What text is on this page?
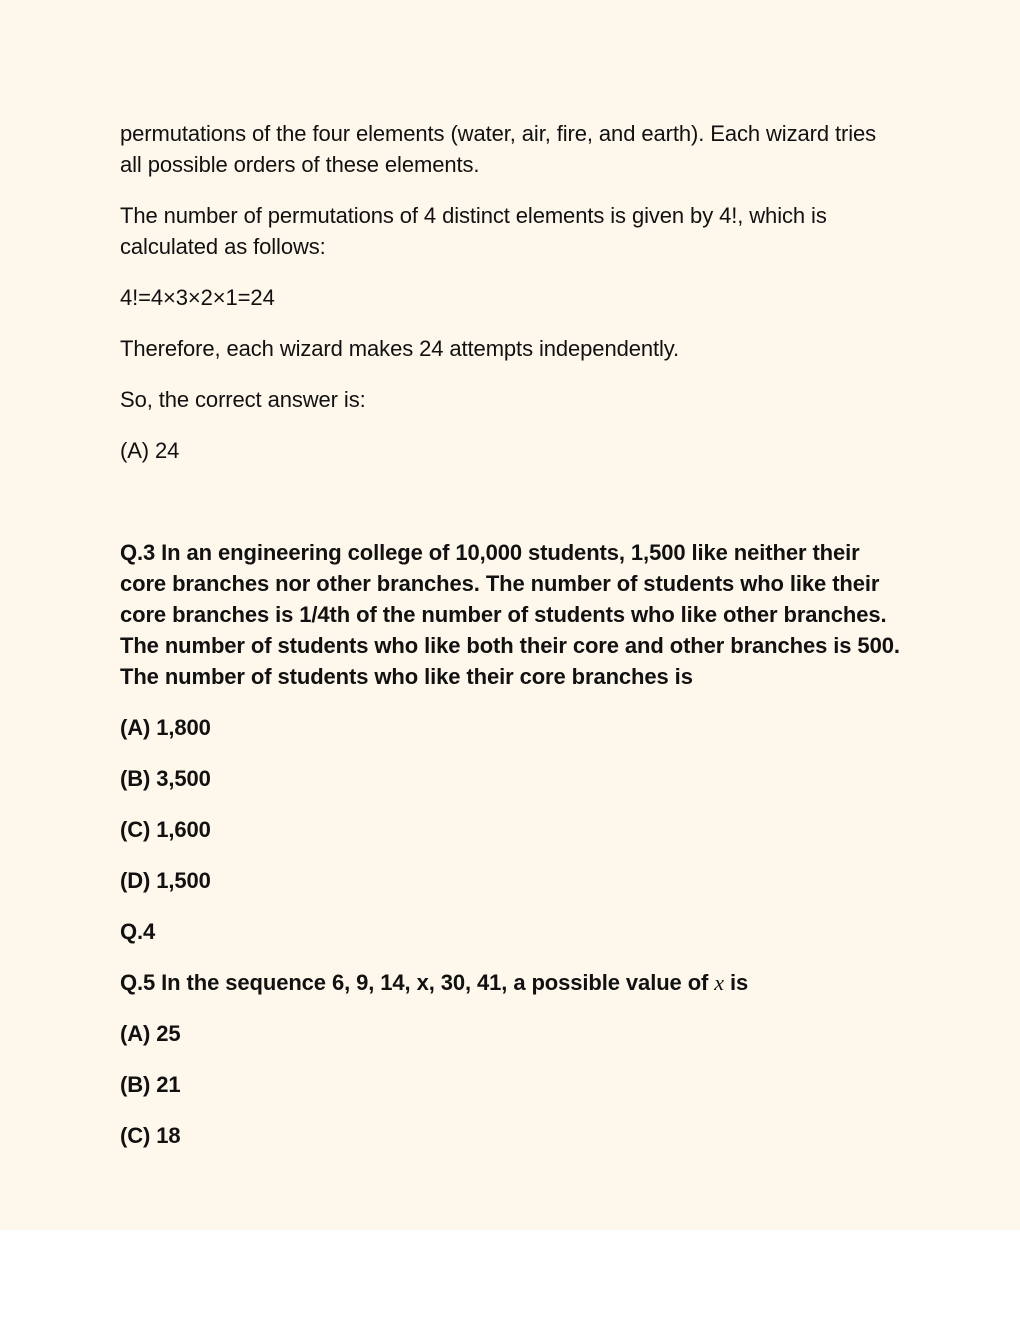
permutations of the four elements (water, air, fire, and earth). Each wizard tries all possible orders of these elements.

The number of permutations of 4 distinct elements is given by 4!, which is calculated as follows:

4!=4×3×2×1=24

Therefore, each wizard makes 24 attempts independently.

So, the correct answer is:

(A) 24

Q.3 In an engineering college of 10,000 students, 1,500 like neither their core branches nor other branches. The number of students who like their core branches is 1/4th of the number of students who like other branches. The number of students who like both their core and other branches is 500. The number of students who like their core branches is

(A) 1,800

(B) 3,500

(C) 1,600

(D) 1,500

Q.4

Q.5 In the sequence 6, 9, 14, x, 30, 41, a possible value of x is

(A) 25

(B) 21

(C) 18
